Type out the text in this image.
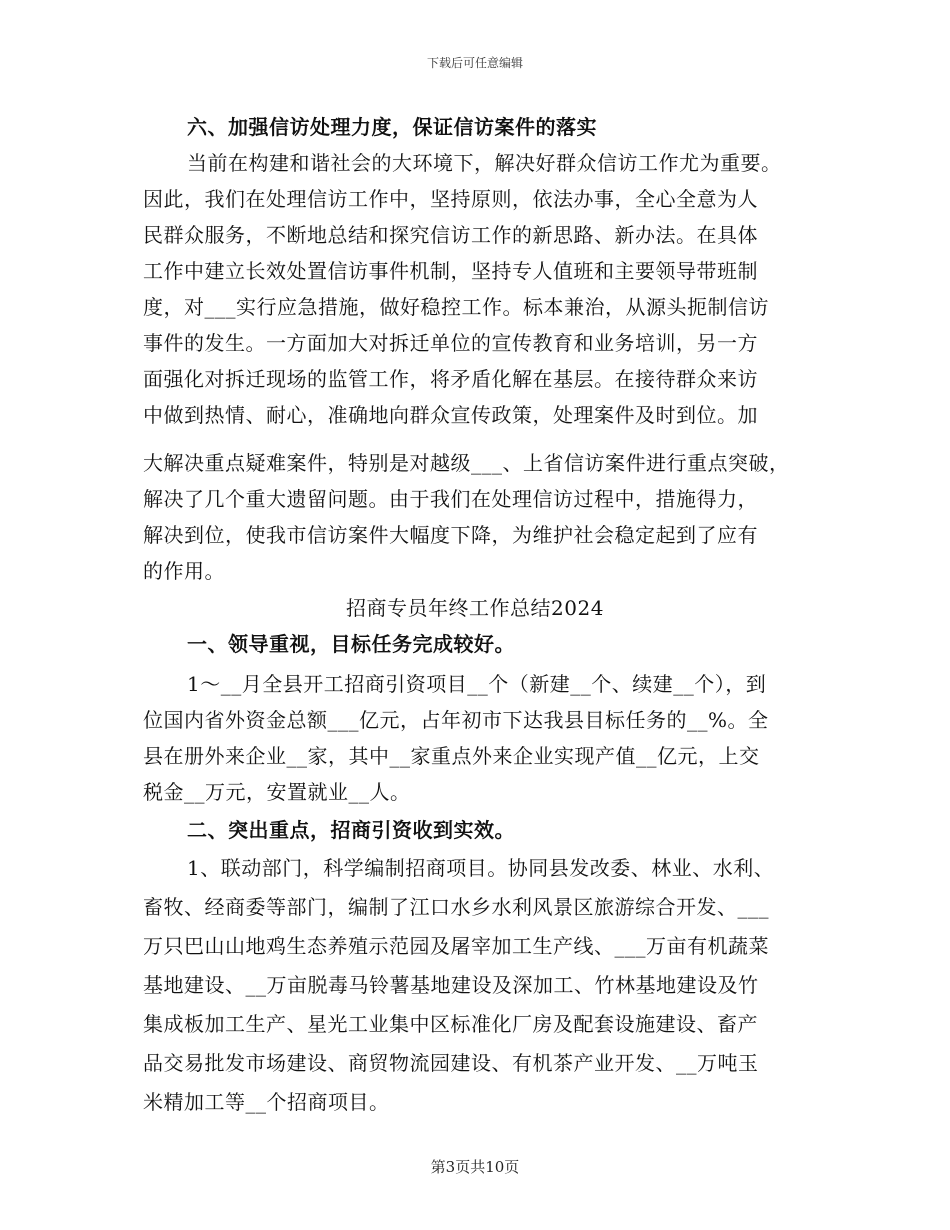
下载后可任意编辑
六、加强信访处理力度，保证信访案件的落实
当前在构建和谐社会的大环境下，解决好群众信访工作尤为重要。
因此，我们在处理信访工作中，坚持原则，依法办事，全心全意为人
民群众服务，不断地总结和探究信访工作的新思路、新办法。在具体
工作中建立长效处置信访事件机制，坚持专人值班和主要领导带班制
度，对___实行应急措施，做好稳控工作。标本兼治，从源头扼制信访
事件的发生。一方面加大对拆迁单位的宣传教育和业务培训，另一方
面强化对拆迁现场的监管工作，将矛盾化解在基层。在接待群众来访
中做到热情、耐心，准确地向群众宣传政策，处理案件及时到位。加
大解决重点疑难案件，特别是对越级___、上省信访案件进行重点突破，
解决了几个重大遗留问题。由于我们在处理信访过程中，措施得力，
解决到位，使我市信访案件大幅度下降，为维护社会稳定起到了应有
的作用。
招商专员年终工作总结2024
一、领导重视，目标任务完成较好。
1～__月全县开工招商引资项目__个（新建__个、续建__个），到
位国内省外资金总额___亿元，占年初市下达我县目标任务的__%。全
县在册外来企业__家，其中__家重点外来企业实现产值__亿元，上交
税金__万元，安置就业__人。
二、突出重点，招商引资收到实效。
1、联动部门，科学编制招商项目。协同县发改委、林业、水利、
畜牧、经商委等部门，编制了江口水乡水利风景区旅游综合开发、___
万只巴山山地鸡生态养殖示范园及屠宰加工生产线、___万亩有机蔬菜
基地建设、__万亩脱毒马铃薯基地建设及深加工、竹林基地建设及竹
集成板加工生产、星光工业集中区标准化厂房及配套设施建设、畜产
品交易批发市场建设、商贸物流园建设、有机茶产业开发、__万吨玉
米精加工等__个招商项目。
第3页共10页
